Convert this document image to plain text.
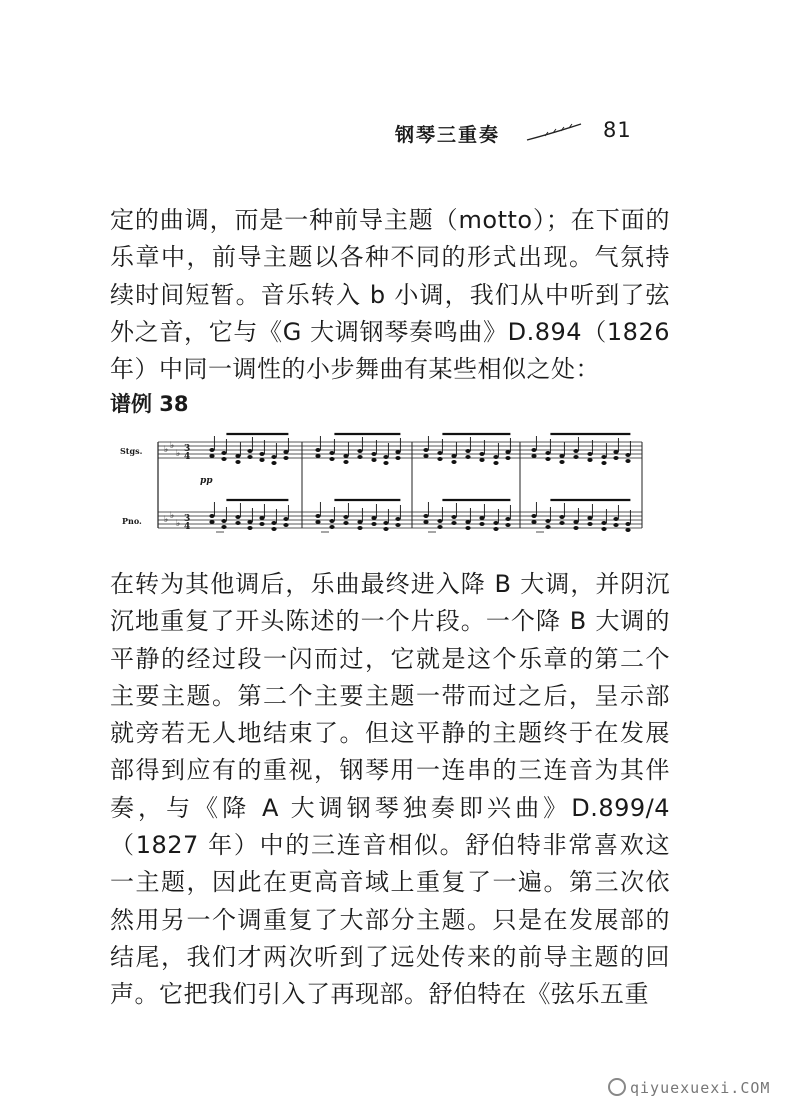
钢琴三重奏	81

定的曲调，而是一种前导主题（motto）；在下面的乐章中，前导主题以各种不同的形式出现。气氛持续时间短暂。音乐转入 b 小调，我们从中听到了弦外之音，它与《G 大调钢琴奏鸣曲》D.894（1826 年）中同一调性的小步舞曲有某些相似之处：

谱例 38
Stgs.
Pno.
pp
♭ ♭
♭ 3
4
♭ ♭
♭ 3
4

在转为其他调后，乐曲最终进入降 B 大调，并阴沉沉地重复了开头陈述的一个片段。一个降 B 大调的平静的经过段一闪而过，它就是这个乐章的第二个主要主题。第二个主要主题一带而过之后，呈示部就旁若无人地结束了。但这平静的主题终于在发展部得到应有的重视，钢琴用一连串的三连音为其伴奏，与《降 A 大调钢琴独奏即兴曲》D.899/4（1827 年）中的三连音相似。舒伯特非常喜欢这一主题，因此在更高音域上重复了一遍。第三次依然用另一个调重复了大部分主题。只是在发展部的结尾，我们才两次听到了远处传来的前导主题的回声。它把我们引入了再现部。舒伯特在《弦乐五重

qiyuexuexi.COM
